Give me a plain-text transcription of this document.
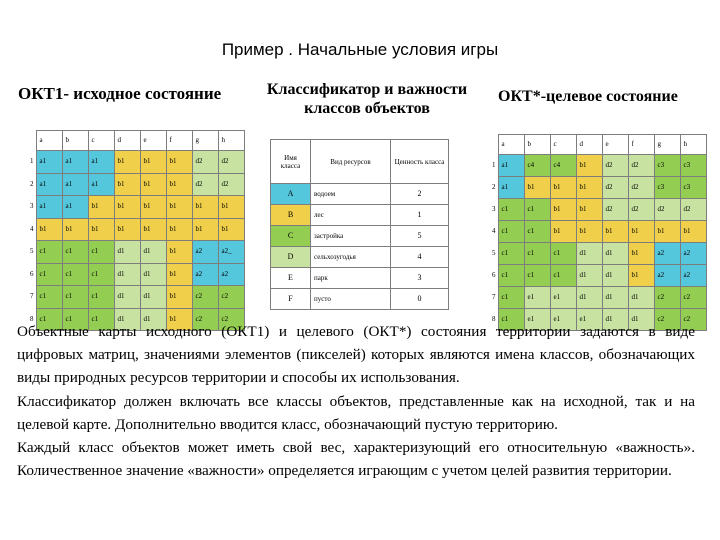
Пример . Начальные условия игры
ОКТ1- исходное состояние	Классификатор и важности классов объектов
ОКТ*-целевое состояние
	a	b	c	d	e	f	g	h
1	a1	a1	a1	b1	b1	b1	d2	d2
2	a1	a1	a1	b1	b1	b1	d2	d2
3	a1	a1	b1	b1	b1	b1	b1	b1
4	b1	b1	b1	b1	b1	b1	b1	b1
5	c1	c1	c1	d1	d1	b1	a2	a2_
6	c1	c1	c1	d1	d1	b1	a2	a2
7	c1	c1	c1	d1	d1	b1	c2	c2
8	c1	c1	c1	d1	d1	b1	c2	c2
	a	b	c	d	e	f	g	h
1	a1	c4	c4	b1	d2	d2	c3	c3
2	a1	b1	b1	b1	d2	d2	c3	c3
3	c1	c1	b1	b1	d2	d2	d2	d2
4	c1	c1	b1	b1	b1	b1	b1	b1
5	c1	c1	c1	d1	d1	b1	a2	a2
6	c1	c1	c1	d1	d1	b1	a2	a2
7	c1	e1	e1	d1	d1	d1	c2	c2
8	c1	e1	e1	e1	d1	d1	c2	c2
Имя класса	Вид ресурсов	Ценность класса
A	водоем	2
B	лес	1
C	застройка	5
D	сельхозугодья	4
E	парк	3
F	пусто	0

Объектные карты исходного (ОКТ1) и целевого (ОКТ*) состояния территории задаются в виде цифровых матриц, значениями элементов (пикселей) которых являются имена классов, обозначающих виды природных ресурсов территории и способы их использования.

Классификатор должен включать все классы объектов, представленные как на исходной, так и на целевой карте. Дополнительно вводится класс, обозначающий пустую территорию.

Каждый класс объектов может иметь свой вес, характеризующий его относительную «важность». Количественное значение «важности» определяется играющим с учетом целей развития территории.
